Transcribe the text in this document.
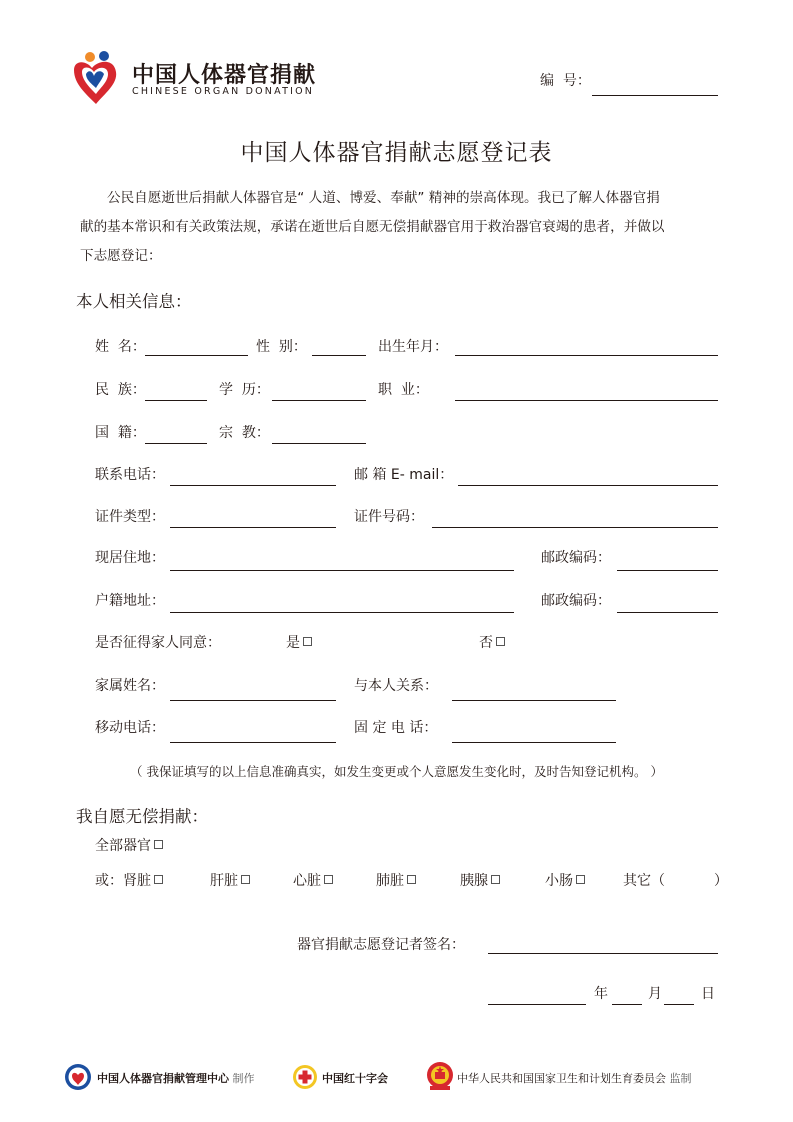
中国人体器官捐献
CHINESE ORGAN DONATION
编  号：
中国人体器官捐献志愿登记表
公民自愿逝世后捐献人体器官是“ 人道、博爱、奉献” 精神的崇高体现。我已了解人体器官捐
献的基本常识和有关政策法规，承诺在逝世后自愿无偿捐献器官用于救治器官衰竭的患者，并做以
下志愿登记：
本人相关信息：
姓  名：	性  别：	出生年月：
民  族：	学  历：	职  业：
国  籍：	宗  教：
联系电话：	邮 箱 E- mail：
证件类型：	证件号码：
现居住地：	邮政编码：
户籍地址：	邮政编码：
是否征得家人同意：	是	否
家属姓名：	与本人关系：
移动电话：	固 定 电 话：
（ 我保证填写的以上信息准确真实，如发生变更或个人意愿发生变化时，及时告知登记机构。 ）
我自愿无偿捐献：
全部器官
或：肾脏	肝脏	心脏	肺脏	胰腺	小肠	其它（           ）
器官捐献志愿登记者签名：
年	月	日
中国人体器官捐献管理中心 制作	中国红十字会	中华人民共和国国家卫生和计划生育委员会 监制
